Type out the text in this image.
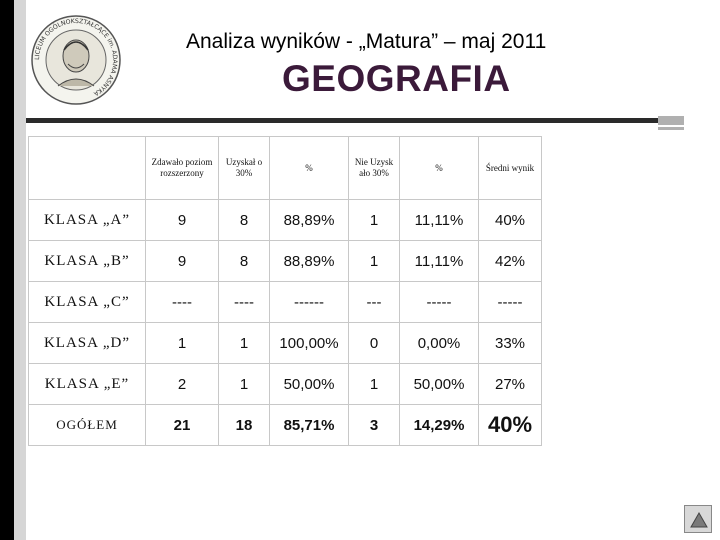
LICEUM OGÓLNOKSZTAŁCĄCE im. ADAMA ASNYKA
Analiza wyników - „Matura” – maj 2011
GEOGRAFIA
	Zdawało poziom rozszerzony	Uzyskał o 30%	%	Nie Uzysk ało 30%	%	Średni wynik
KLASA „A”	9	8	88,89%	1	11,11%	40%
KLASA „B”	9	8	88,89%	1	11,11%	42%
KLASA „C”	----	----	------	---	-----	-----
KLASA „D”	1	1	100,00%	0	0,00%	33%
KLASA „E”	2	1	50,00%	1	50,00%	27%
OGÓŁEM	21	18	85,71%	3	14,29%	40%
